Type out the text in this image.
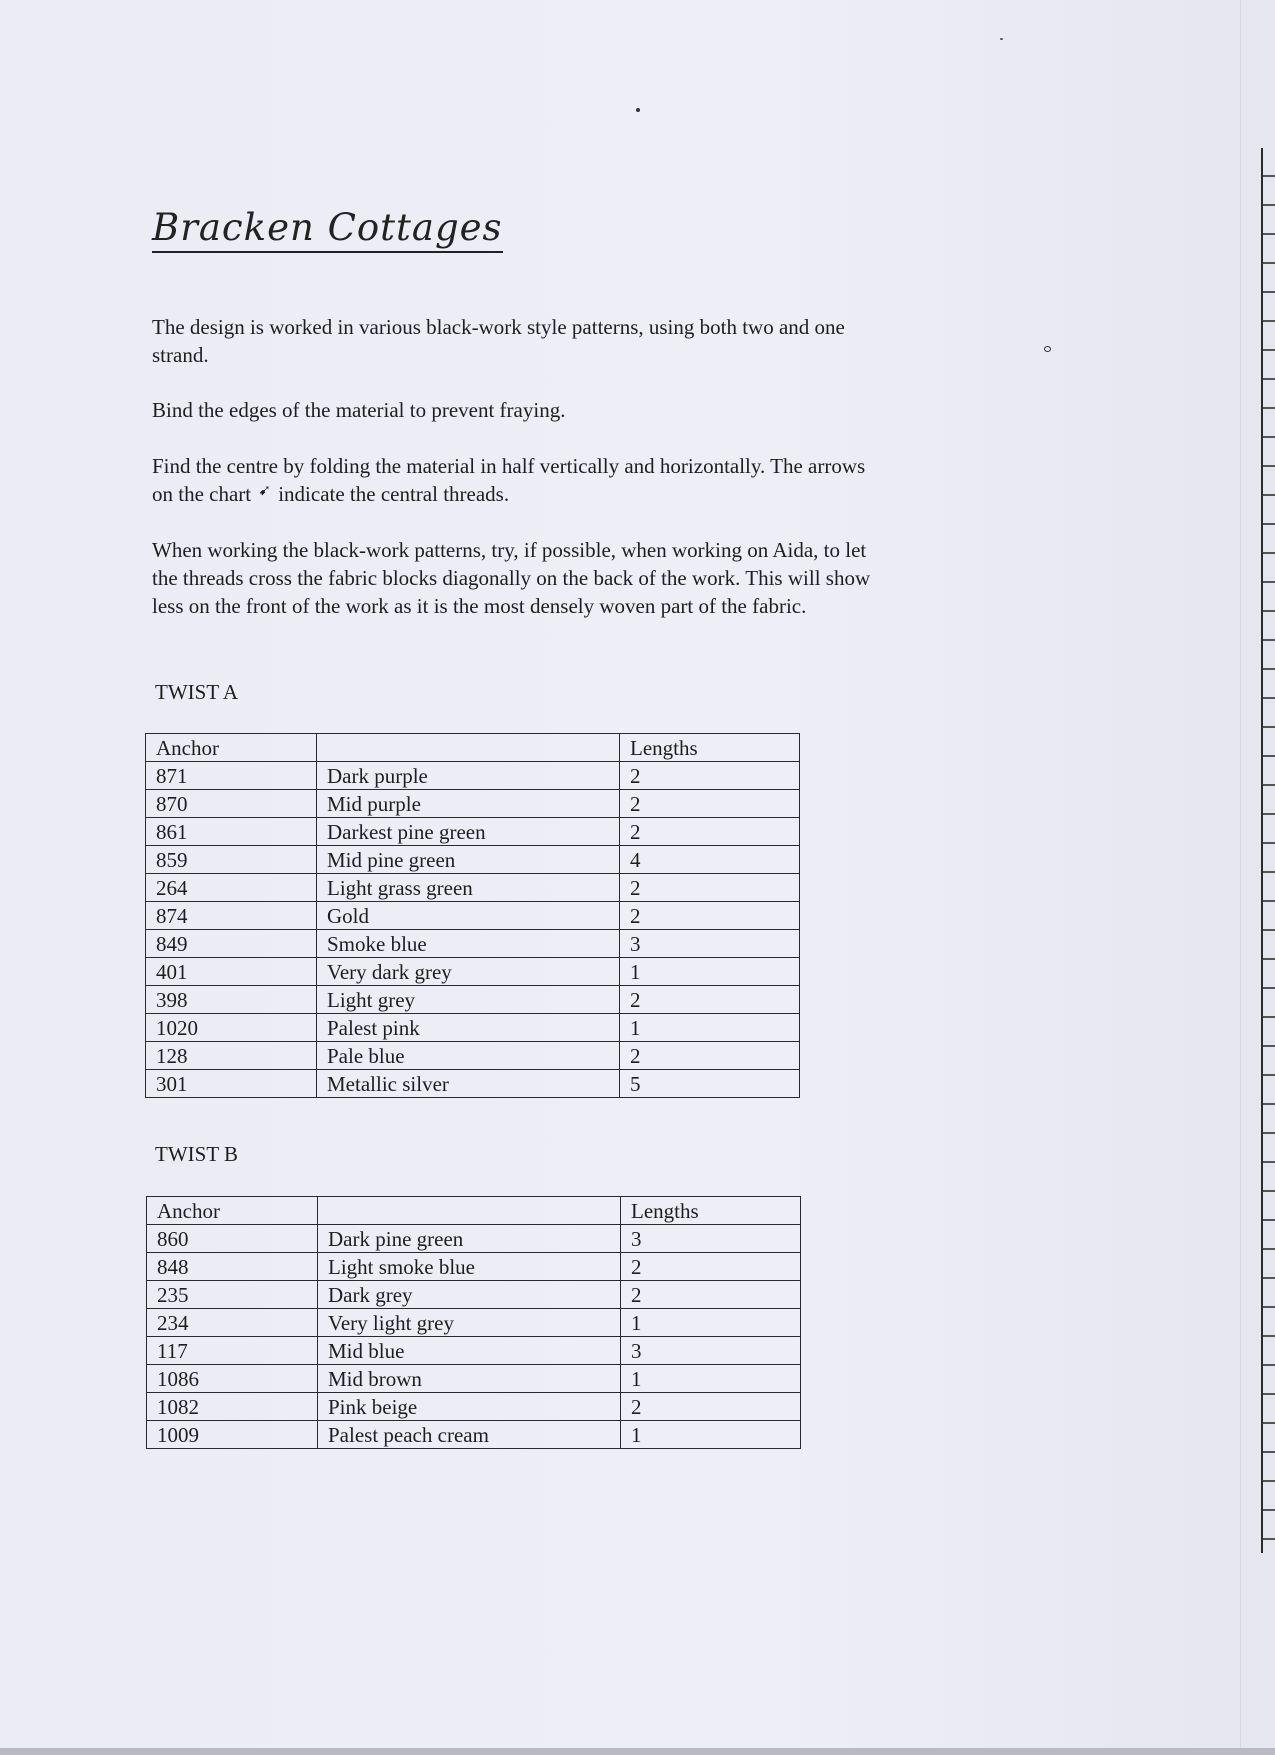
Bracken Cottages
The design is worked in various black-work style patterns, using both two and one strand.
Bind the edges of the material to prevent fraying.
Find the centre by folding the material in half vertically and horizontally. The arrows on the chart ➹ indicate the central threads.
When working the black-work patterns, try, if possible, when working on Aida, to let the threads cross the fabric blocks diagonally on the back of the work. This will show less on the front of the work as it is the most densely woven part of the fabric.
TWIST A
Anchor		Lengths
871	Dark purple	2
870	Mid purple	2
861	Darkest pine green	2
859	Mid pine green	4
264	Light grass green	2
874	Gold	2
849	Smoke blue	3
401	Very dark grey	1
398	Light grey	2
1020	Palest pink	1
128	Pale blue	2
301	Metallic silver	5
TWIST B
Anchor		Lengths
860	Dark pine green	3
848	Light smoke blue	2
235	Dark grey	2
234	Very light grey	1
117	Mid blue	3
1086	Mid brown	1
1082	Pink beige	2
1009	Palest peach cream	1
